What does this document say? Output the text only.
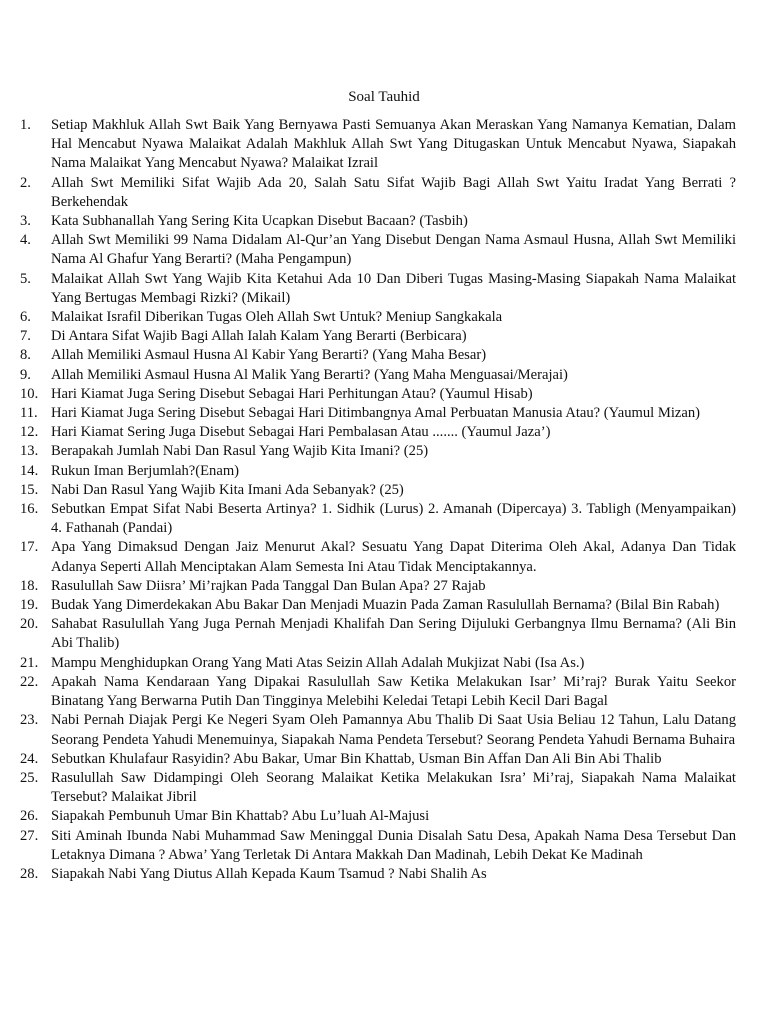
Soal Tauhid
1.	Setiap Makhluk Allah Swt Baik Yang Bernyawa Pasti Semuanya Akan Meraskan Yang Namanya Kematian, Dalam Hal Mencabut Nyawa Malaikat Adalah Makhluk Allah Swt Yang Ditugaskan Untuk Mencabut Nyawa, Siapakah Nama Malaikat Yang Mencabut Nyawa? Malaikat Izrail
2.	Allah Swt Memiliki Sifat Wajib Ada 20, Salah Satu Sifat Wajib Bagi Allah Swt Yaitu Iradat Yang Berrati ?Berkehendak
3.	Kata Subhanallah Yang Sering Kita Ucapkan Disebut Bacaan? (Tasbih)
4.	Allah Swt Memiliki 99 Nama Didalam Al-Qur’an Yang Disebut Dengan Nama Asmaul Husna, Allah Swt Memiliki Nama Al Ghafur Yang Berarti? (Maha Pengampun)
5.	Malaikat Allah Swt Yang Wajib Kita Ketahui Ada 10 Dan Diberi Tugas Masing-Masing Siapakah Nama Malaikat Yang Bertugas Membagi Rizki? (Mikail)
6.	Malaikat Israfil Diberikan Tugas Oleh Allah Swt Untuk? Meniup Sangkakala
7.	Di Antara Sifat Wajib Bagi Allah Ialah Kalam Yang Berarti (Berbicara)
8.	Allah Memiliki Asmaul Husna Al Kabir Yang Berarti? (Yang Maha Besar)
9.	Allah Memiliki Asmaul Husna Al Malik Yang Berarti? (Yang Maha Menguasai/Merajai)
10. Hari Kiamat Juga Sering Disebut Sebagai Hari Perhitungan Atau? (Yaumul Hisab)
11. Hari Kiamat Juga Sering Disebut Sebagai Hari Ditimbangnya Amal Perbuatan Manusia Atau? (Yaumul Mizan)
12. Hari Kiamat Sering Juga Disebut Sebagai Hari Pembalasan Atau ....... (Yaumul Jaza’)
13. Berapakah Jumlah Nabi Dan Rasul Yang Wajib Kita Imani? (25)
14. Rukun Iman Berjumlah?(Enam)
15. Nabi Dan Rasul Yang Wajib Kita Imani Ada Sebanyak? (25)
16. Sebutkan Empat Sifat Nabi Beserta Artinya? 1. Sidhik (Lurus) 2. Amanah (Dipercaya) 3. Tabligh (Menyampaikan) 4. Fathanah (Pandai)
17. Apa Yang Dimaksud Dengan Jaiz Menurut Akal? Sesuatu Yang Dapat Diterima Oleh Akal, Adanya Dan Tidak Adanya Seperti Allah Menciptakan Alam Semesta Ini Atau Tidak Menciptakannya.
18. Rasulullah Saw Diisra’ Mi’rajkan Pada Tanggal Dan Bulan Apa? 27 Rajab
19. Budak Yang Dimerdekakan Abu Bakar Dan Menjadi Muazin Pada Zaman Rasulullah Bernama? (Bilal Bin Rabah)
20. Sahabat Rasulullah Yang Juga Pernah Menjadi Khalifah Dan Sering Dijuluki Gerbangnya Ilmu Bernama? (Ali Bin Abi Thalib)
21. Mampu Menghidupkan Orang Yang Mati Atas Seizin Allah Adalah Mukjizat Nabi (Isa As.)
22. Apakah Nama Kendaraan Yang Dipakai Rasulullah Saw Ketika Melakukan Isar’ Mi’raj? Burak Yaitu Seekor Binatang Yang Berwarna Putih Dan Tingginya Melebihi Keledai Tetapi Lebih Kecil Dari Bagal
23. Nabi Pernah Diajak Pergi Ke Negeri Syam Oleh Pamannya Abu Thalib Di Saat Usia Beliau 12 Tahun, Lalu Datang Seorang Pendeta Yahudi Menemuinya, Siapakah Nama Pendeta Tersebut? Seorang Pendeta Yahudi Bernama Buhaira
24. Sebutkan Khulafaur Rasyidin? Abu Bakar, Umar Bin Khattab, Usman Bin Affan Dan Ali Bin Abi Thalib
25. Rasulullah Saw Didampingi Oleh Seorang Malaikat Ketika Melakukan Isra’ Mi’raj, Siapakah Nama Malaikat Tersebut? Malaikat Jibril
26. Siapakah Pembunuh Umar Bin Khattab? Abu Lu’luah Al-Majusi
27. Siti Aminah Ibunda Nabi Muhammad Saw Meninggal Dunia Disalah Satu Desa, Apakah Nama Desa Tersebut Dan Letaknya Dimana ? Abwa’ Yang Terletak Di Antara Makkah Dan Madinah, Lebih Dekat Ke Madinah
28. Siapakah Nabi Yang Diutus Allah Kepada Kaum Tsamud ? Nabi Shalih As
